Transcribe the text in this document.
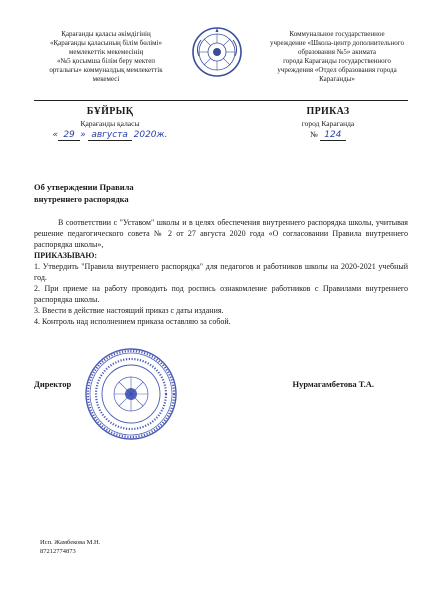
Қарағанды қаласы әкімдігінің
«Қарағанды қаласының білім бөлімі»
мемлекеттік мекемесінің
«№5 қосымша білім беру мектеп
орталығы» коммуналдық мемлекеттік
мекемесі
Коммунальное государственное
учреждение «Школа-центр дополнительного
образования №5» акимата
города Караганды государственного
учреждения «Отдел образования города
Караганды»
БҰЙРЫҚ
Қарағанды қаласы
« 29 » августа 2020ж.
ПРИКАЗ
город Караганда
№ 124
Об утверждении Правила
внутреннего распорядка
В соответствии с "Уставом" школы и в целях обеспечения внутреннего распорядка школы, учитывая решение педагогического совета № 2 от 27 августа 2020 года «О согласовании Правила внутреннего распорядка школы»,
ПРИКАЗЫВАЮ:
1. Утвердить "Правила внутреннего распорядка" для педагогов и работников школы на 2020-2021 учебный год.
2. При приеме на работу проводить под роспись ознакомление работников с Правилами внутреннего распорядка школы.
3. Ввести в действие настоящий приказ с даты издания.
4. Контроль над исполнением приказа оставляю за собой.
Директор	Нурмагамбетова Т.А.
Исп. Жамбекова М.Н.
87212774873
